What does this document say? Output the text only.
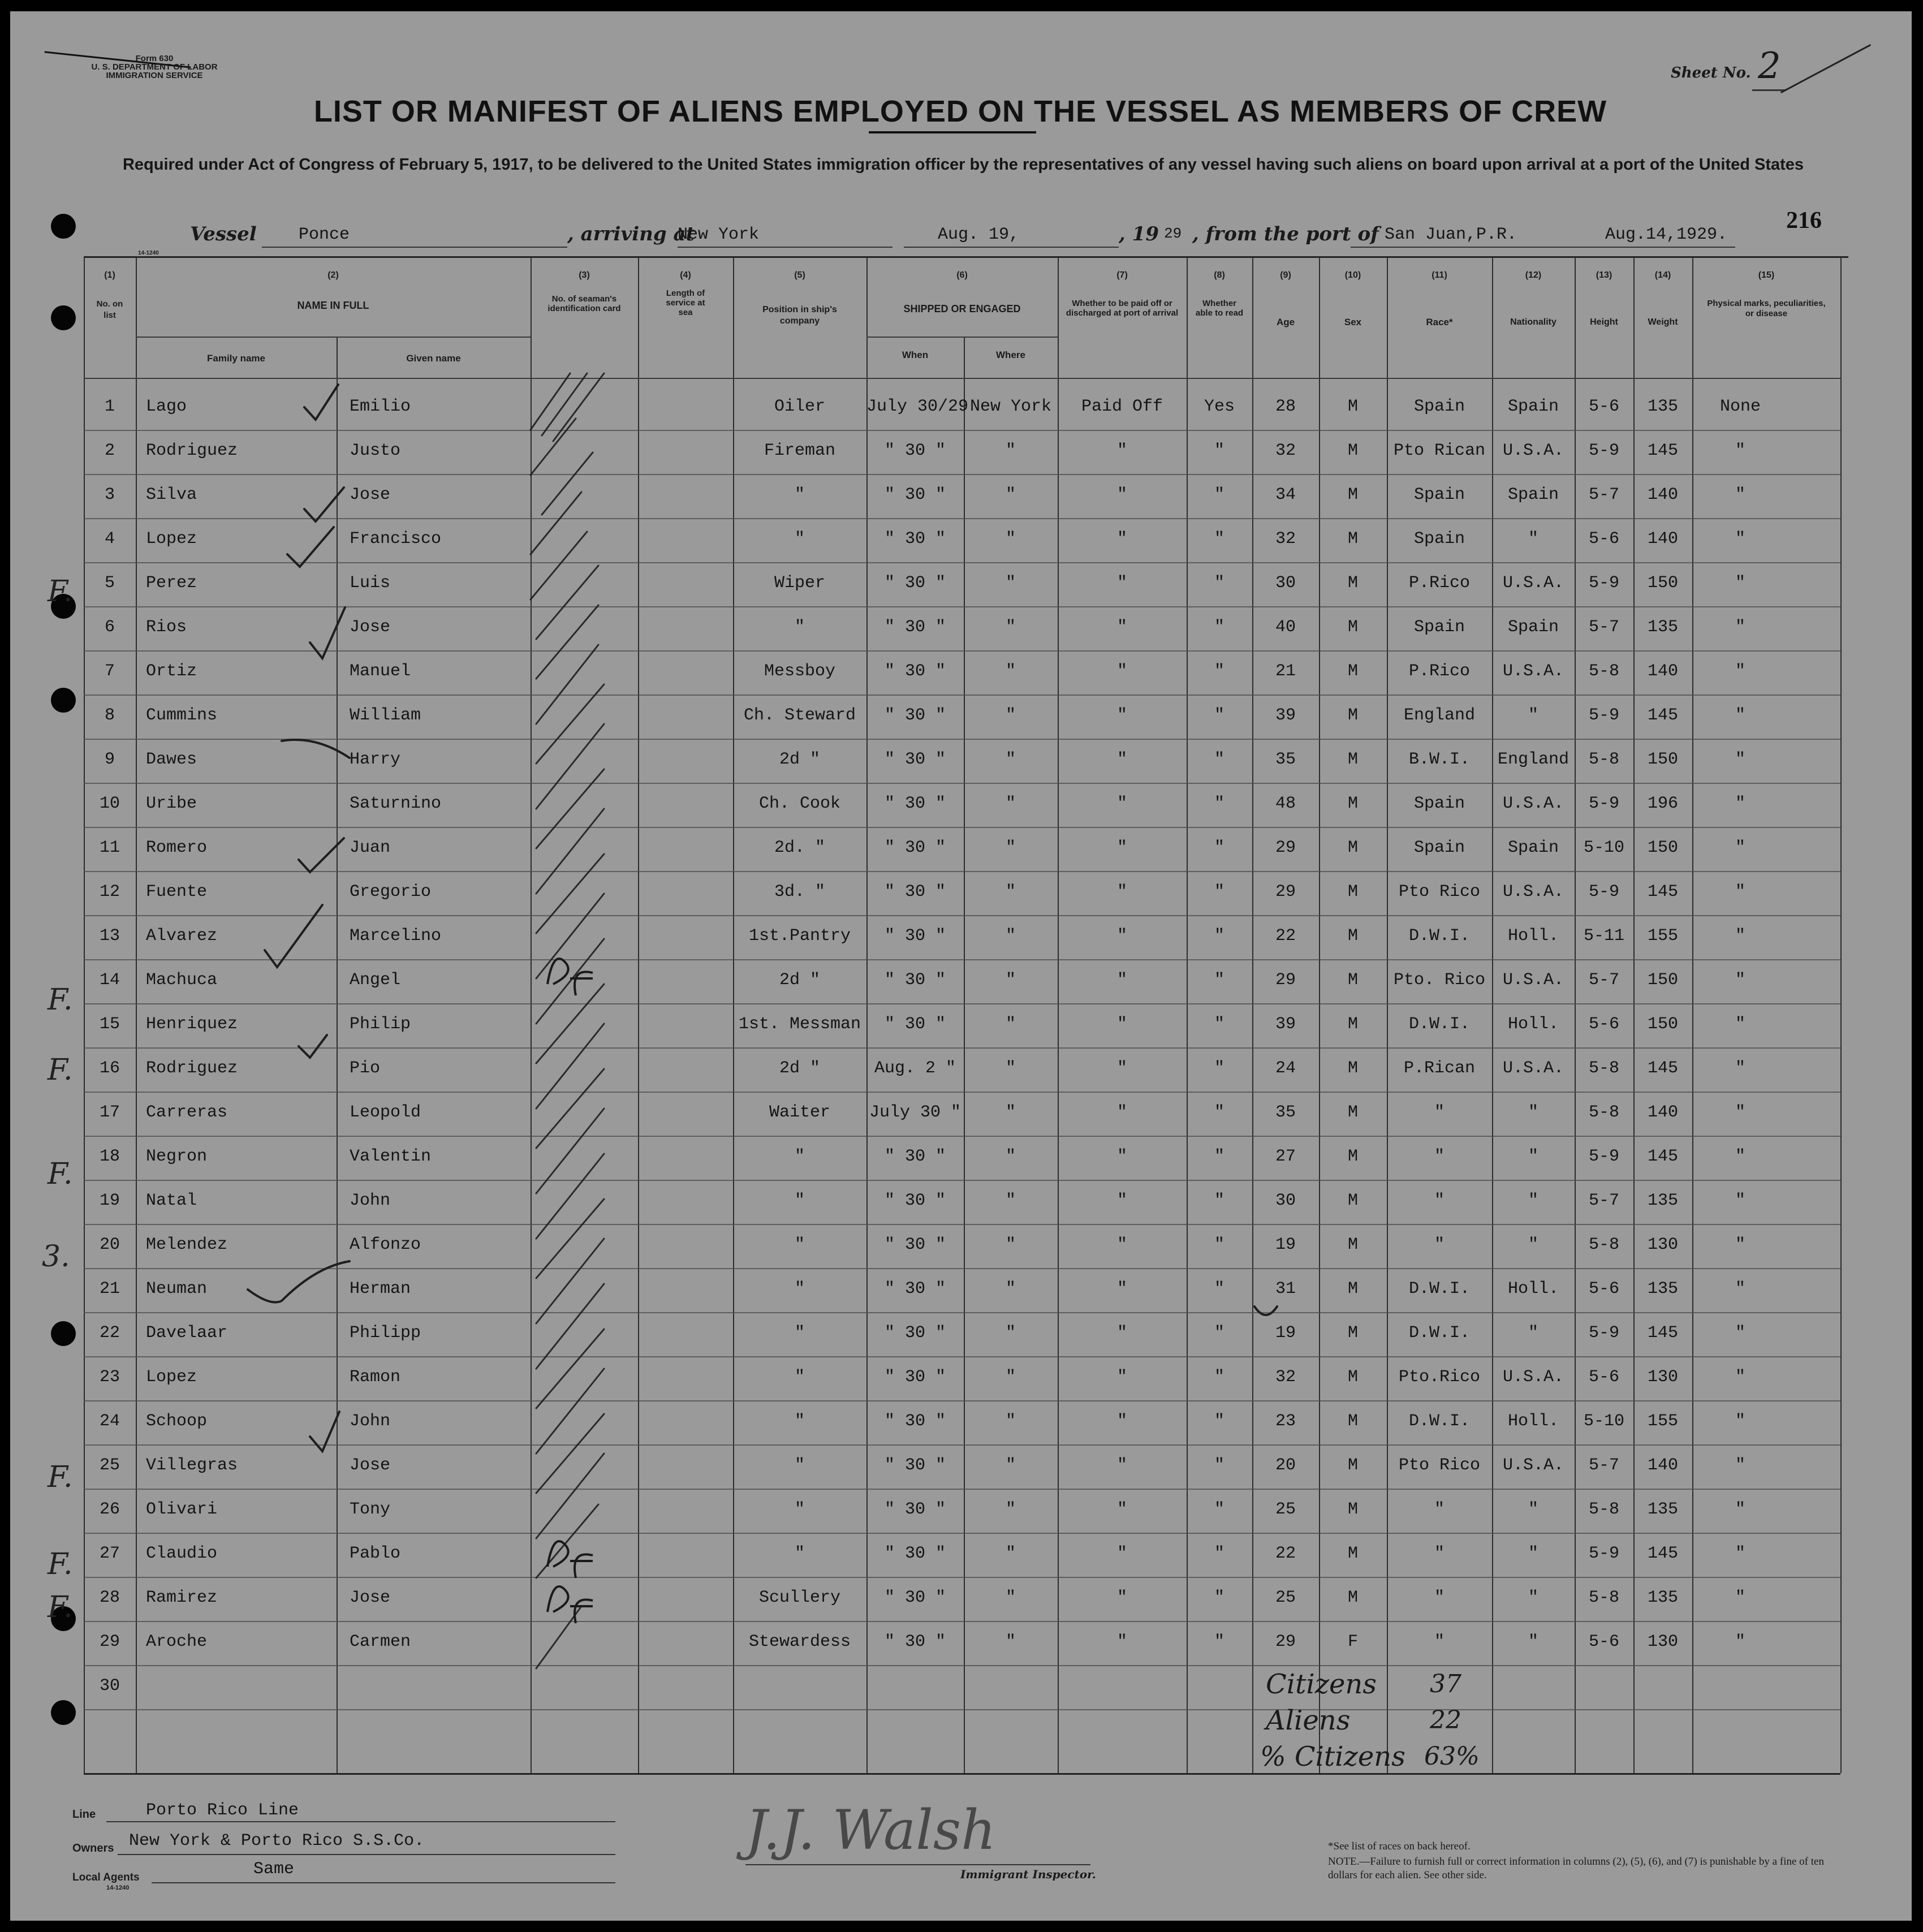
Form 630
U. S. DEPARTMENT OF LABOR
IMMIGRATION SERVICE	Sheet No. 2
LIST OR MANIFEST OF ALIENS EMPLOYED ON THE VESSEL AS MEMBERS OF CREW
Required under Act of Congress of February 5, 1917, to be delivered to the United States immigration officer by the representatives of any vessel having such aliens on board upon arrival at a port of the United States
216
Vessel Ponce	, arriving at
New York	Aug. 19,	, 19 29 , from the port of San Juan,P.R.	Aug.14,1929.
14-1240
(1)
No. on list
(2)
NAME IN FULL
Family name	Given name
(3)
No. of seaman's identification card
(4)
Length of service at sea
(5)
Position in ship's company
(6)
SHIPPED OR ENGAGED
When	Where
(7)
Whether to be paid off or discharged at port of arrival
(8)
Whether able to read
(9)
Age
(10)
Sex
(11)
Race*
(12)
Nationality
(13)
Height
(14)
Weight
(15)
Physical marks, peculiarities, or disease
1	Lago	Emilio	Oiler	July 30/29 New York	Paid Off	Yes	28	M	Spain	Spain	5-6	135	None
2	Rodriguez	Justo	Fireman	" 30 "	"	"	"	32	M	Pto Rican	U.S.A.	5-9	145	"
3	Silva	Jose	"	" 30 "	"	"	"	34	M	Spain	Spain	5-7	140	"
4	Lopez	Francisco	"	" 30 "	"	"	"	32	M	Spain	"	5-6	140	"
5	Perez	Luis	Wiper	" 30 "	"	"	"	30	M	P.Rico	U.S.A.	5-9	150	"
6	Rios	Jose	"	" 30 "	"	"	"	40	M	Spain	Spain	5-7	135	"
7	Ortiz	Manuel	Messboy	" 30 "	"	"	"	21	M	P.Rico	U.S.A.	5-8	140	"
8	Cummins	William	Ch. Steward	" 30 "	"	"	"	39	M	England	"	5-9	145	"
9	Dawes	Harry	2d "	" 30 "	"	"	"	35	M	B.W.I.	England	5-8	150	"
10	Uribe	Saturnino	Ch. Cook	" 30 "	"	"	"	48	M	Spain	U.S.A.	5-9	196	"
11	Romero	Juan	2d. "	" 30 "	"	"	"	29	M	Spain	Spain	5-10	150	"
12	Fuente	Gregorio	3d. "	" 30 "	"	"	"	29	M	Pto Rico	U.S.A.	5-9	145	"
13	Alvarez	Marcelino	1st.Pantry	" 30 "	"	"	"	22	M	D.W.I.	Holl.	5-11	155	"
14	Machuca	Angel	2d "	" 30 "	"	"	"	29	M	Pto. Rico	U.S.A.	5-7	150	"
15	Henriquez	Philip	1st. Messman	" 30 "	"	"	"	39	M	D.W.I.	Holl.	5-6	150	"
16	Rodriguez	Pio	2d "	Aug. 2 "	"	"	"	24	M	P.Rican	U.S.A.	5-8	145	"
17	Carreras	Leopold	Waiter	July 30 "	"	"	"	35	M	"	"	5-8	140	"
18	Negron	Valentin	"	" 30 "	"	"	"	27	M	"	"	5-9	145	"
19	Natal	John	"	" 30 "	"	"	"	30	M	"	"	5-7	135	"
20	Melendez	Alfonzo	"	" 30 "	"	"	"	19	M	"	"	5-8	130	"
21	Neuman	Herman	"	" 30 "	"	"	"	31	M	D.W.I.	Holl.	5-6	135	"
22	Davelaar	Philipp	"	" 30 "	"	"	"	19	M	D.W.I.	"	5-9	145	"
23	Lopez	Ramon	"	" 30 "	"	"	"	32	M	Pto.Rico	U.S.A.	5-6	130	"
24	Schoop	John	"	" 30 "	"	"	"	23	M	D.W.I.	Holl.	5-10	155	"
25	Villegras	Jose	"	" 30 "	"	"	"	20	M	Pto Rico	U.S.A.	5-7	140	"
26	Olivari	Tony	"	" 30 "	"	"	"	25	M	"	"	5-8	135	"
27	Claudio	Pablo	"	" 30 "	"	"	"	22	M	"	"	5-9	145	"
28	Ramirez	Jose	Scullery	" 30 "	"	"	"	25	M	"	"	5-8	135	"
29	Aroche	Carmen	Stewardess	" 30 "	"	"	"	29	F	"	"	5-6	130	"
30
F.
F.
F.
F.
3.
F.
F.
F.
Citizens 37
Aliens	22
% Citizens 63%
Line	Porto Rico Line
Owners New York & Porto Rico S.S.Co.
Local Agents
14-1240
Same
J.J. Walsh
Immigrant Inspector.
*See list of races on back hereof.
NOTE.—Failure to furnish full or correct information in columns (2), (5), (6), and (7) is punishable by a fine of ten dollars for each alien. See other side.
